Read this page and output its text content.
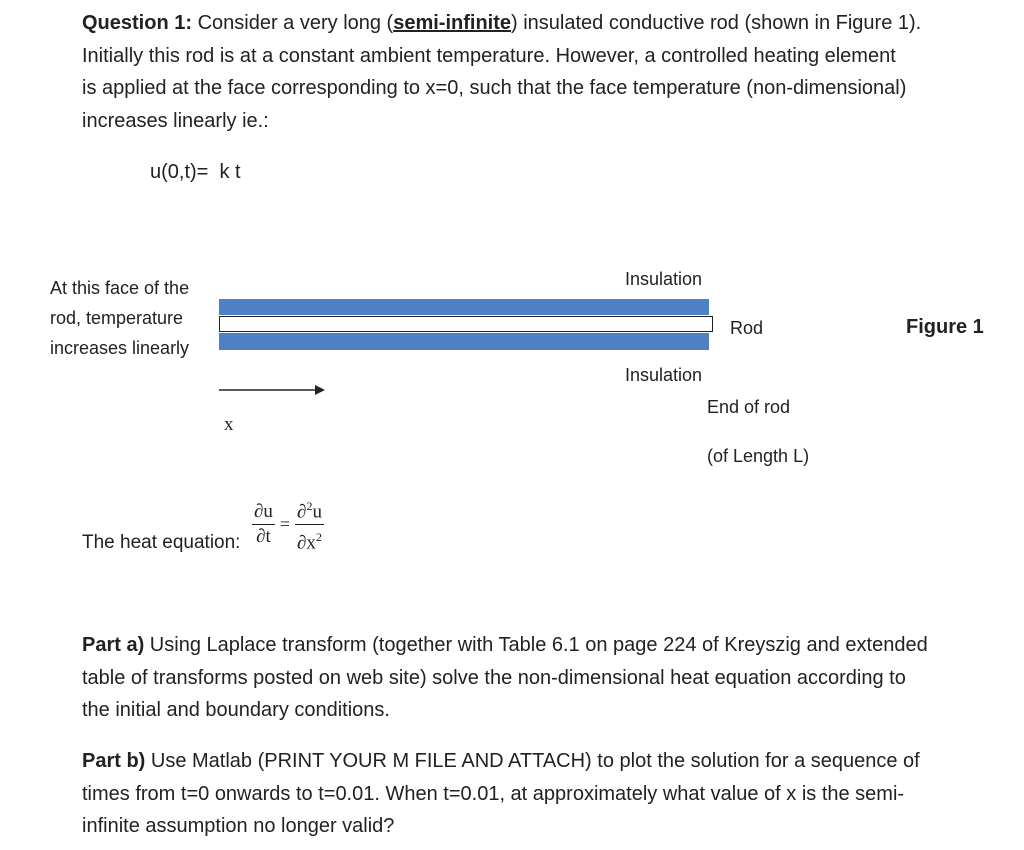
Question 1: Consider a very long (semi-infinite) insulated conductive rod (shown in Figure 1).
Initially this rod is at a constant ambient temperature. However, a controlled heating element
is applied at the face corresponding to x=0, such that the face temperature (non-dimensional)
increases linearly ie.:
u(0,t)=  k t
At this face of the
rod, temperature
increases linearly
Insulation
Insulation
Rod	Figure 1
x
End of rod
(of Length L)
The heat equation: $\frac{\partial u}{\partial t} = \frac{\partial^2u}{\partial x^2}$
Part a) Using Laplace transform (together with Table 6.1 on page 224 of Kreyszig and extended
table of transforms posted on web site) solve the non-dimensional heat equation according to
the initial and boundary conditions.
Part b) Use Matlab (PRINT YOUR M FILE AND ATTACH) to plot the solution for a sequence of
times from t=0 onwards to t=0.01. When t=0.01, at approximately what value of x is the semi-
infinite assumption no longer valid?
